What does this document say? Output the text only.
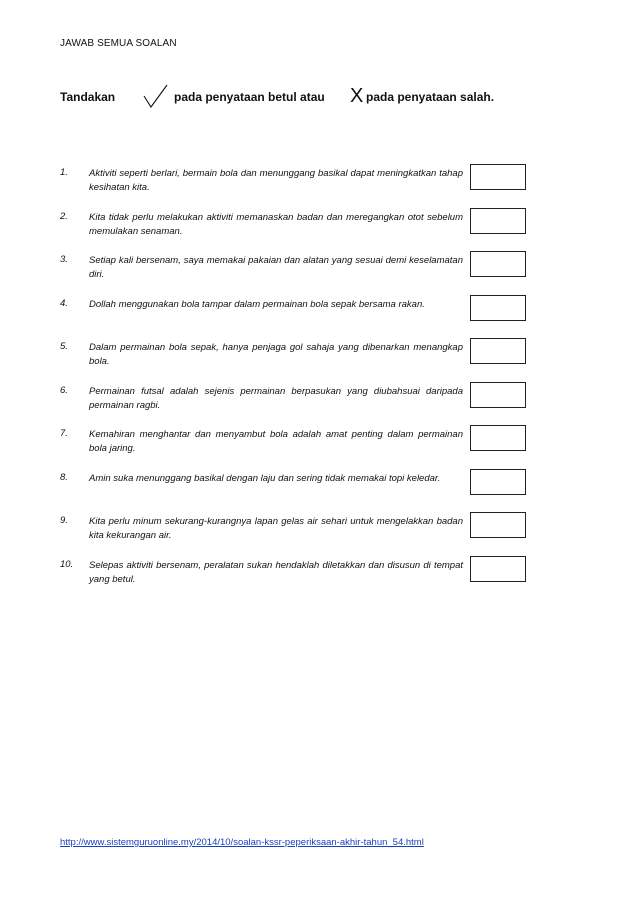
JAWAB SEMUA SOALAN
Tandakan	pada penyataan betul atau X pada penyataan salah.
1.	Aktiviti seperti berlari, bermain bola dan menunggang basikal dapat meningkatkan tahap kesihatan kita.
2.	Kita tidak perlu melakukan aktiviti memanaskan badan dan meregangkan otot sebelum memulakan senaman.
3.	Setiap kali bersenam, saya memakai pakaian dan alatan yang sesuai demi keselamatan diri.
4.	Dollah menggunakan bola tampar dalam permainan bola sepak bersama rakan.
5.	Dalam permainan bola sepak, hanya penjaga gol sahaja yang dibenarkan menangkap bola.
6.	Permainan futsal adalah sejenis permainan berpasukan yang diubahsuai daripada permainan ragbi.
7.	Kemahiran menghantar dan menyambut bola adalah amat penting dalam permainan bola jaring.
8.	Amin suka menunggang basikal dengan laju dan sering tidak memakai topi keledar.
9.	Kita perlu minum sekurang-kurangnya lapan gelas air sehari untuk mengelakkan badan kita kekurangan air.
10.	Selepas aktiviti bersenam, peralatan sukan hendaklah diletakkan dan disusun di tempat yang betul.
http://www.sistemguruonline.my/2014/10/soalan-kssr-peperiksaan-akhir-tahun_54.html
